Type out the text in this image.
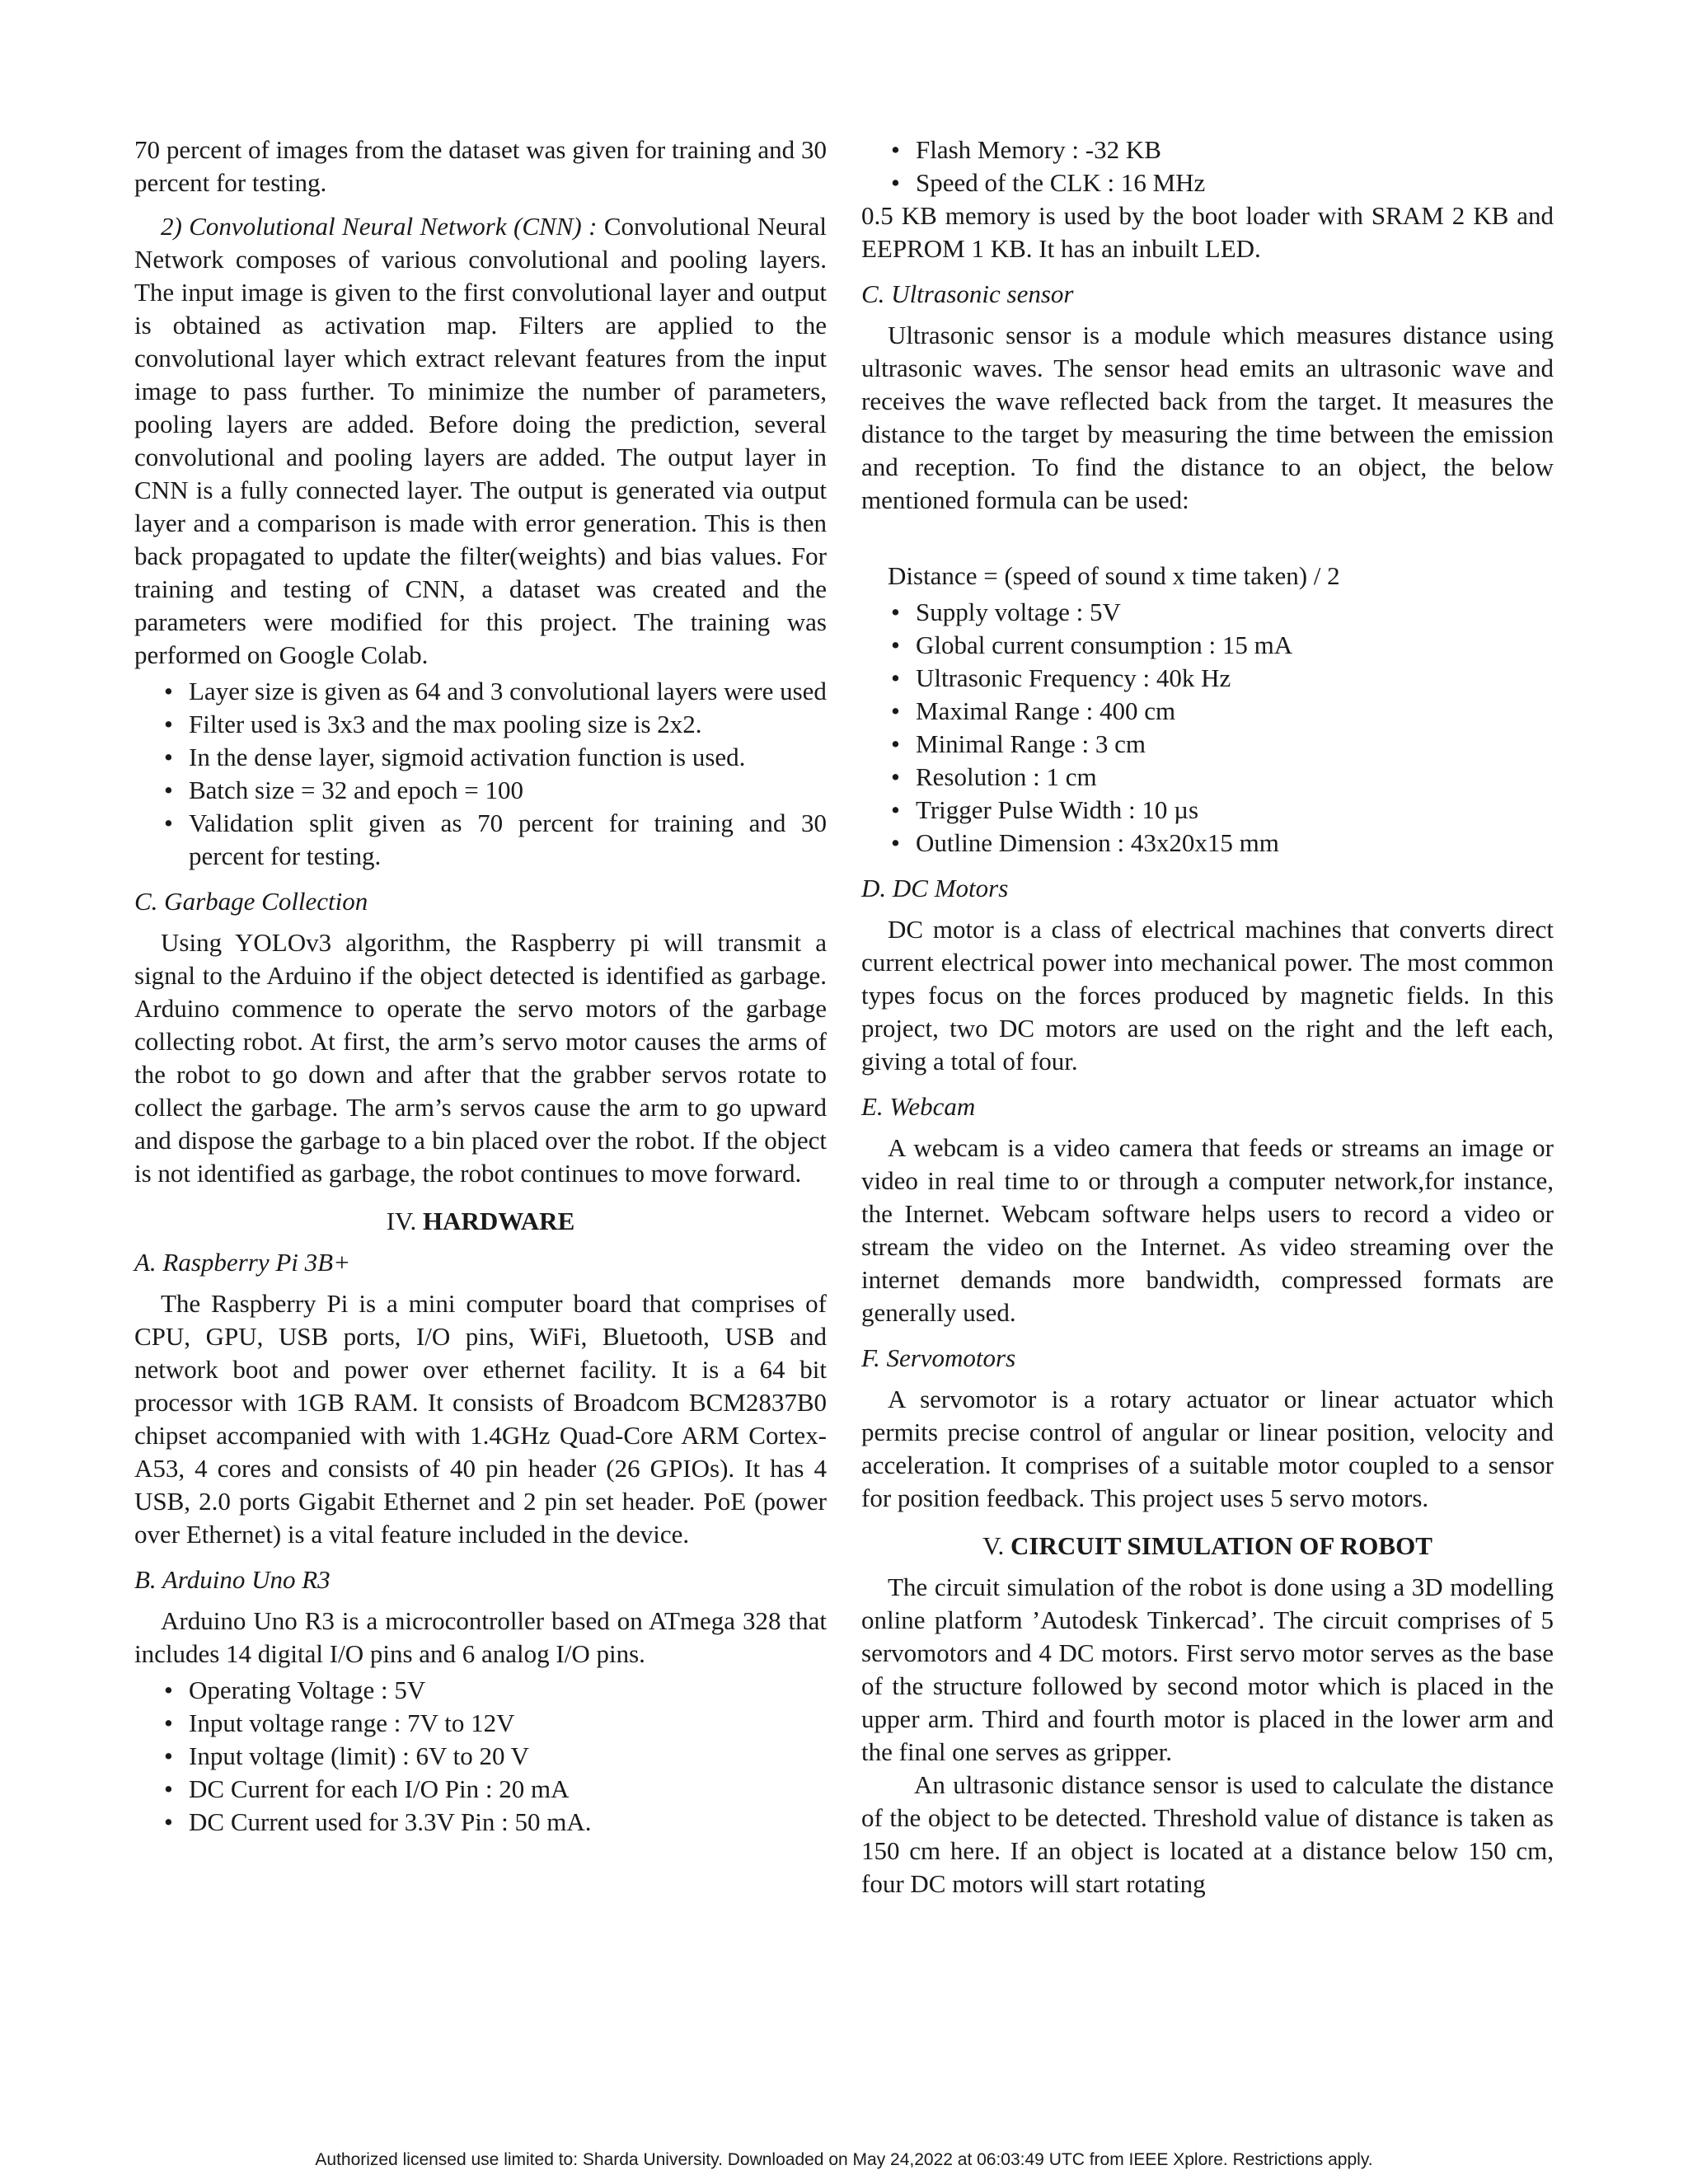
70 percent of images from the dataset was given for training and 30 percent for testing.

2) Convolutional Neural Network (CNN) : Convolutional Neural Network composes of various convolutional and pooling layers. The input image is given to the first convolutional layer and output is obtained as activation map. Filters are applied to the convolutional layer which extract relevant features from the input image to pass further. To minimize the number of parameters, pooling layers are added. Before doing the prediction, several convolutional and pooling layers are added. The output layer in CNN is a fully connected layer. The output is generated via output layer and a comparison is made with error generation. This is then back propagated to update the filter(weights) and bias values. For training and testing of CNN, a dataset was created and the parameters were modified for this project. The training was performed on Google Colab.

• Layer size is given as 64 and 3 convolutional layers were used
• Filter used is 3x3 and the max pooling size is 2x2.
• In the dense layer, sigmoid activation function is used.
• Batch size = 32 and epoch = 100
• Validation split given as 70 percent for training and 30 percent for testing.
C. Garbage Collection

Using YOLOv3 algorithm, the Raspberry pi will transmit a signal to the Arduino if the object detected is identified as garbage. Arduino commence to operate the servo motors of the garbage collecting robot. At first, the arm’s servo motor causes the arms of the robot to go down and after that the grabber servos rotate to collect the garbage. The arm’s servos cause the arm to go upward and dispose the garbage to a bin placed over the robot. If the object is not identified as garbage, the robot continues to move forward.

IV. HARDWARE
A. Raspberry Pi 3B+

The Raspberry Pi is a mini computer board that comprises of CPU, GPU, USB ports, I/O pins, WiFi, Bluetooth, USB and network boot and power over ethernet facility. It is a 64 bit processor with 1GB RAM. It consists of Broadcom BCM2837B0 chipset accompanied with with 1.4GHz Quad-Core ARM Cortex-A53, 4 cores and consists of 40 pin header (26 GPIOs). It has 4 USB, 2.0 ports Gigabit Ethernet and 2 pin set header. PoE (power over Ethernet) is a vital feature included in the device.

B. Arduino Uno R3

Arduino Uno R3 is a microcontroller based on ATmega 328 that includes 14 digital I/O pins and 6 analog I/O pins.

• Operating Voltage : 5V
• Input voltage range : 7V to 12V
• Input voltage (limit) : 6V to 20 V
• DC Current for each I/O Pin : 20 mA
• DC Current used for 3.3V Pin : 50 mA.
• Flash Memory : -32 KB
• Speed of the CLK : 16 MHz

0.5 KB memory is used by the boot loader with SRAM 2 KB and EEPROM 1 KB. It has an inbuilt LED.

C. Ultrasonic sensor

Ultrasonic sensor is a module which measures distance using ultrasonic waves. The sensor head emits an ultrasonic wave and receives the wave reflected back from the target. It measures the distance to the target by measuring the time between the emission and reception. To find the distance to an object, the below mentioned formula can be used:

Distance = (speed of sound x time taken) / 2
• Supply voltage : 5V
• Global current consumption : 15 mA
• Ultrasonic Frequency : 40k Hz
• Maximal Range : 400 cm
• Minimal Range : 3 cm
• Resolution : 1 cm
• Trigger Pulse Width : 10 µs
• Outline Dimension : 43x20x15 mm
D. DC Motors

DC motor is a class of electrical machines that converts direct current electrical power into mechanical power. The most common types focus on the forces produced by magnetic fields. In this project, two DC motors are used on the right and the left each, giving a total of four.

E. Webcam

A webcam is a video camera that feeds or streams an image or video in real time to or through a computer network,for instance, the Internet. Webcam software helps users to record a video or stream the video on the Internet. As video streaming over the internet demands more bandwidth, compressed formats are generally used.

F. Servomotors

A servomotor is a rotary actuator or linear actuator which permits precise control of angular or linear position, velocity and acceleration. It comprises of a suitable motor coupled to a sensor for position feedback. This project uses 5 servo motors.

V. CIRCUIT SIMULATION OF ROBOT

The circuit simulation of the robot is done using a 3D modelling online platform ’Autodesk Tinkercad’. The circuit comprises of 5 servomotors and 4 DC motors. First servo motor serves as the base of the structure followed by second motor which is placed in the upper arm. Third and fourth motor is placed in the lower arm and the final one serves as gripper.

An ultrasonic distance sensor is used to calculate the distance of the object to be detected. Threshold value of distance is taken as 150 cm here. If an object is located at a distance below 150 cm, four DC motors will start rotating

Authorized licensed use limited to: Sharda University. Downloaded on May 24,2022 at 06:03:49 UTC from IEEE Xplore. Restrictions apply.
